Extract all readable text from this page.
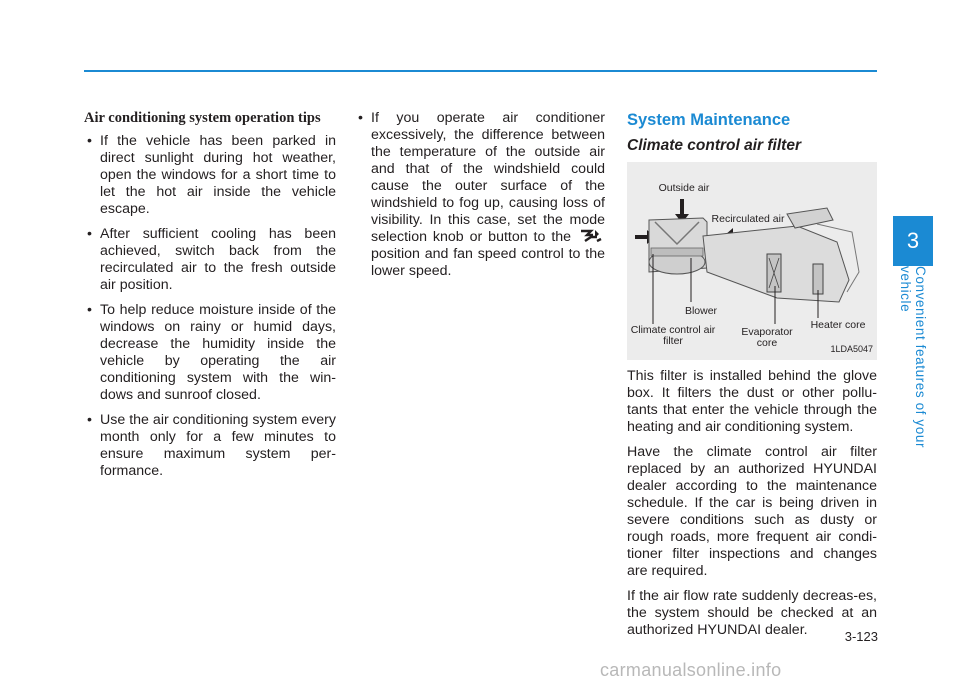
3
Convenient features of your vehicle
Air conditioning system operation tips
• If the vehicle has been parked in direct sunlight during hot weather, open the windows for a short time to let the hot air inside the vehicle escape.
• After sufficient cooling has been achieved, switch back from the recirculated air to the fresh outside air position.
• To help reduce moisture inside of the windows on rainy or humid days, decrease the humidity inside the vehicle by operating the air conditioning system with the win-dows and sunroof closed.
• Use the air conditioning system every month only for a few minutes to ensure maximum system per-formance.
• If you operate air conditioner excessively, the difference between the temperature of the outside air and that of the windshield could cause the outer surface of the windshield to fog up, causing loss of visibility. In this case, set the mode selection knob or button to the  position and fan speed control to the lower speed.
System Maintenance
Climate control air filter
Outside air
Recirculated air
Blower
Climate control air filter
Evaporator core
Heater core
1LDA5047

This filter is installed behind the glove box. It filters the dust or other pollu-tants that enter the vehicle through the heating and air conditioning system.

Have the climate control air filter replaced by an authorized HYUNDAI dealer according to the maintenance schedule. If the car is being driven in severe conditions such as dusty or rough roads, more frequent air condi-tioner filter inspections and changes are required.

If the air flow rate suddenly decreas-es, the system should be checked at an authorized HYUNDAI dealer.	3-123
carmanualsonline.info
